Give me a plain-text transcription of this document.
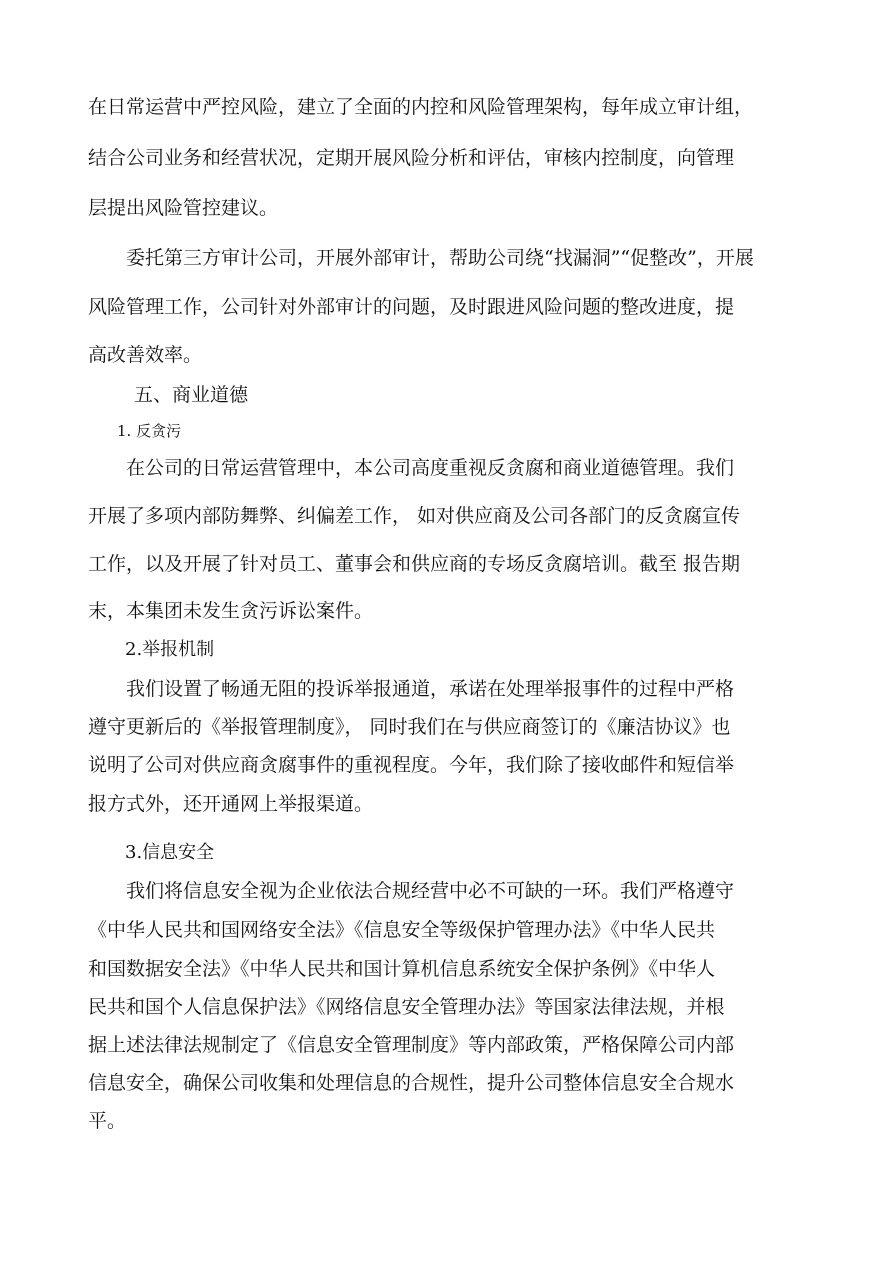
在日常运营中严控风险，建立了全面的内控和风险管理架构，每年成立审计组，
结合公司业务和经营状况，定期开展风险分析和评估，审核内控制度，向管理
层提出风险管控建议。
委托第三方审计公司，开展外部审计，帮助公司绕“找漏洞”“促整改”，开展
风险管理工作，公司针对外部审计的问题，及时跟进风险问题的整改进度，提
高改善效率。
五、商业道德
1. 反贪污
在公司的日常运营管理中，本公司高度重视反贪腐和商业道德管理。我们
开展了多项内部防舞弊、纠偏差工作， 如对供应商及公司各部门的反贪腐宣传
工作，以及开展了针对员工、董事会和供应商的专场反贪腐培训。截至 报告期
末，本集团未发生贪污诉讼案件。
2.举报机制
我们设置了畅通无阻的投诉举报通道，承诺在处理举报事件的过程中严格
遵守更新后的《举报管理制度》， 同时我们在与供应商签订的《廉洁协议》也
说明了公司对供应商贪腐事件的重视程度。今年，我们除了接收邮件和短信举
报方式外，还开通网上举报渠道。
3.信息安全
我们将信息安全视为企业依法合规经营中必不可缺的一环。我们严格遵守
《中华人民共和国网络安全法》《信息安全等级保护管理办法》《中华人民共
和国数据安全法》《中华人民共和国计算机信息系统安全保护条例》《中华人
民共和国个人信息保护法》《网络信息安全管理办法》等国家法律法规，并根
据上述法律法规制定了《信息安全管理制度》等内部政策，严格保障公司内部
信息安全，确保公司收集和处理信息的合规性，提升公司整体信息安全合规水
平。
